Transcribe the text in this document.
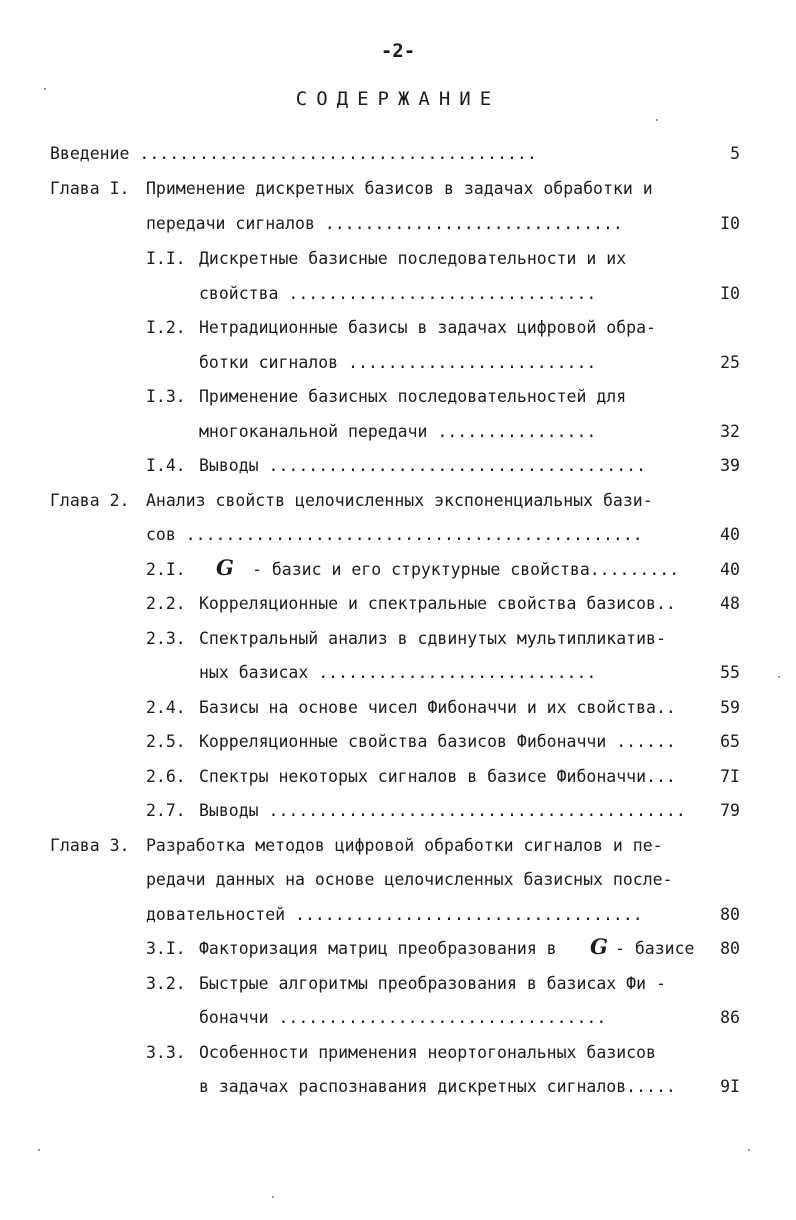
-2-
СОДЕРЖАНИЕ
Введение ........................................	5
Глава I. Применение дискретных базисов в задачах обработки и
передачи сигналов ..............................	I0
I.I. Дискретные базисные последовательности и их
свойства ...............................	I0
I.2. Нетрадиционные базисы в задачах цифровой обра-
ботки сигналов .........................	25
I.3. Применение базисных последовательностей для
многоканальной передачи ................	32
I.4. Выводы ......................................	39
Глава 2. Анализ свойств целочисленных экспоненциальных бази-
сов ..............................................	40
2.I. G - базис и его структурные свойства......... 40
2.2. Корреляционные и спектральные свойства базисов..	48
2.3. Спектральный анализ в сдвинутых мультипликатив-
ных базисах ............................	55
2.4. Базисы на основе чисел Фибоначчи и их свойства..	59
2.5. Корреляционные свойства базисов Фибоначчи ......	65
2.6. Спектры некоторых сигналов в базисе Фибоначчи...	7I
2.7. Выводы .......................................... 79
Глава 3. Разработка методов цифровой обработки сигналов и пе-
редачи данных на основе целочисленных базисных после-
довательностей ...................................	80
3.I. Факторизация матриц преобразования в G - базисе 80
3.2. Быстрые алгоритмы преобразования в базисах Фи -
боначчи .................................	86
3.3. Особенности применения неортогональных базисов
в задачах распознавания дискретных сигналов.....	9I
